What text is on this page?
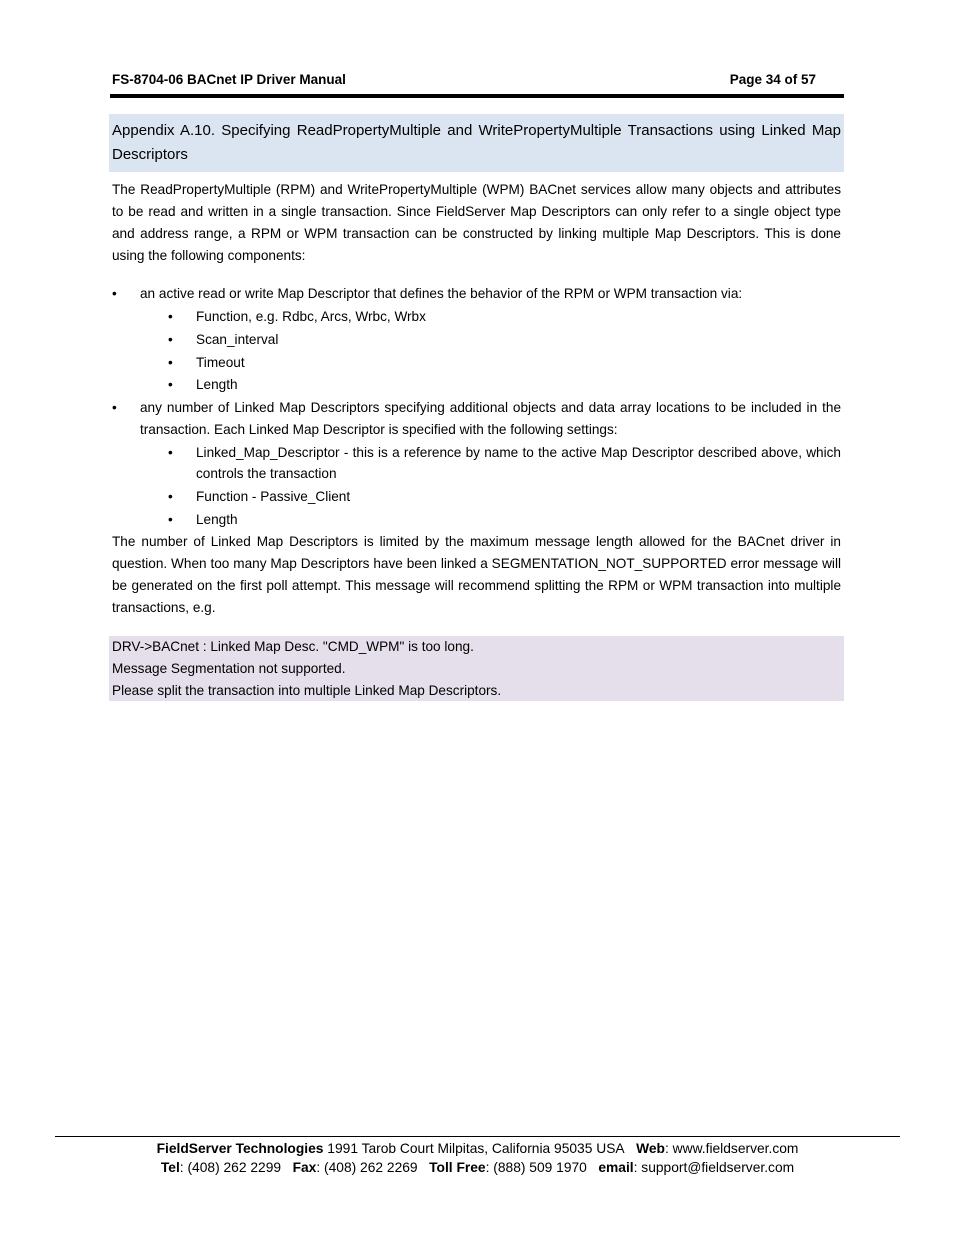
FS-8704-06 BACnet IP Driver Manual	Page 34 of 57
Appendix A.10. Specifying ReadPropertyMultiple and WritePropertyMultiple Transactions using Linked Map Descriptors
The ReadPropertyMultiple (RPM) and WritePropertyMultiple (WPM) BACnet services allow many objects and attributes to be read and written in a single transaction. Since FieldServer Map Descriptors can only refer to a single object type and address range, a RPM or WPM transaction can be constructed by linking multiple Map Descriptors. This is done using the following components:
•	an active read or write Map Descriptor that defines the behavior of the RPM or WPM transaction via:
•	Function, e.g. Rdbc, Arcs, Wrbc, Wrbx
•	Scan_interval
•	Timeout
•	Length
•	any number of Linked Map Descriptors specifying additional objects and data array locations to be included in the transaction. Each Linked Map Descriptor is specified with the following settings:
•	Linked_Map_Descriptor - this is a reference by name to the active Map Descriptor described above, which controls the transaction
•	Function - Passive_Client
•	Length
The number of Linked Map Descriptors is limited by the maximum message length allowed for the BACnet driver in question. When too many Map Descriptors have been linked a SEGMENTATION_NOT_SUPPORTED error message will be generated on the first poll attempt. This message will recommend splitting the RPM or WPM transaction into multiple transactions, e.g.
DRV->BACnet : Linked Map Desc. "CMD_WPM" is too long.
Message Segmentation not supported.
Please split the transaction into multiple Linked Map Descriptors.
FieldServer Technologies 1991 Tarob Court Milpitas, California 95035 USA Web: www.fieldserver.com
Tel: (408) 262 2299 Fax: (408) 262 2269 Toll Free: (888) 509 1970 email: support@fieldserver.com
